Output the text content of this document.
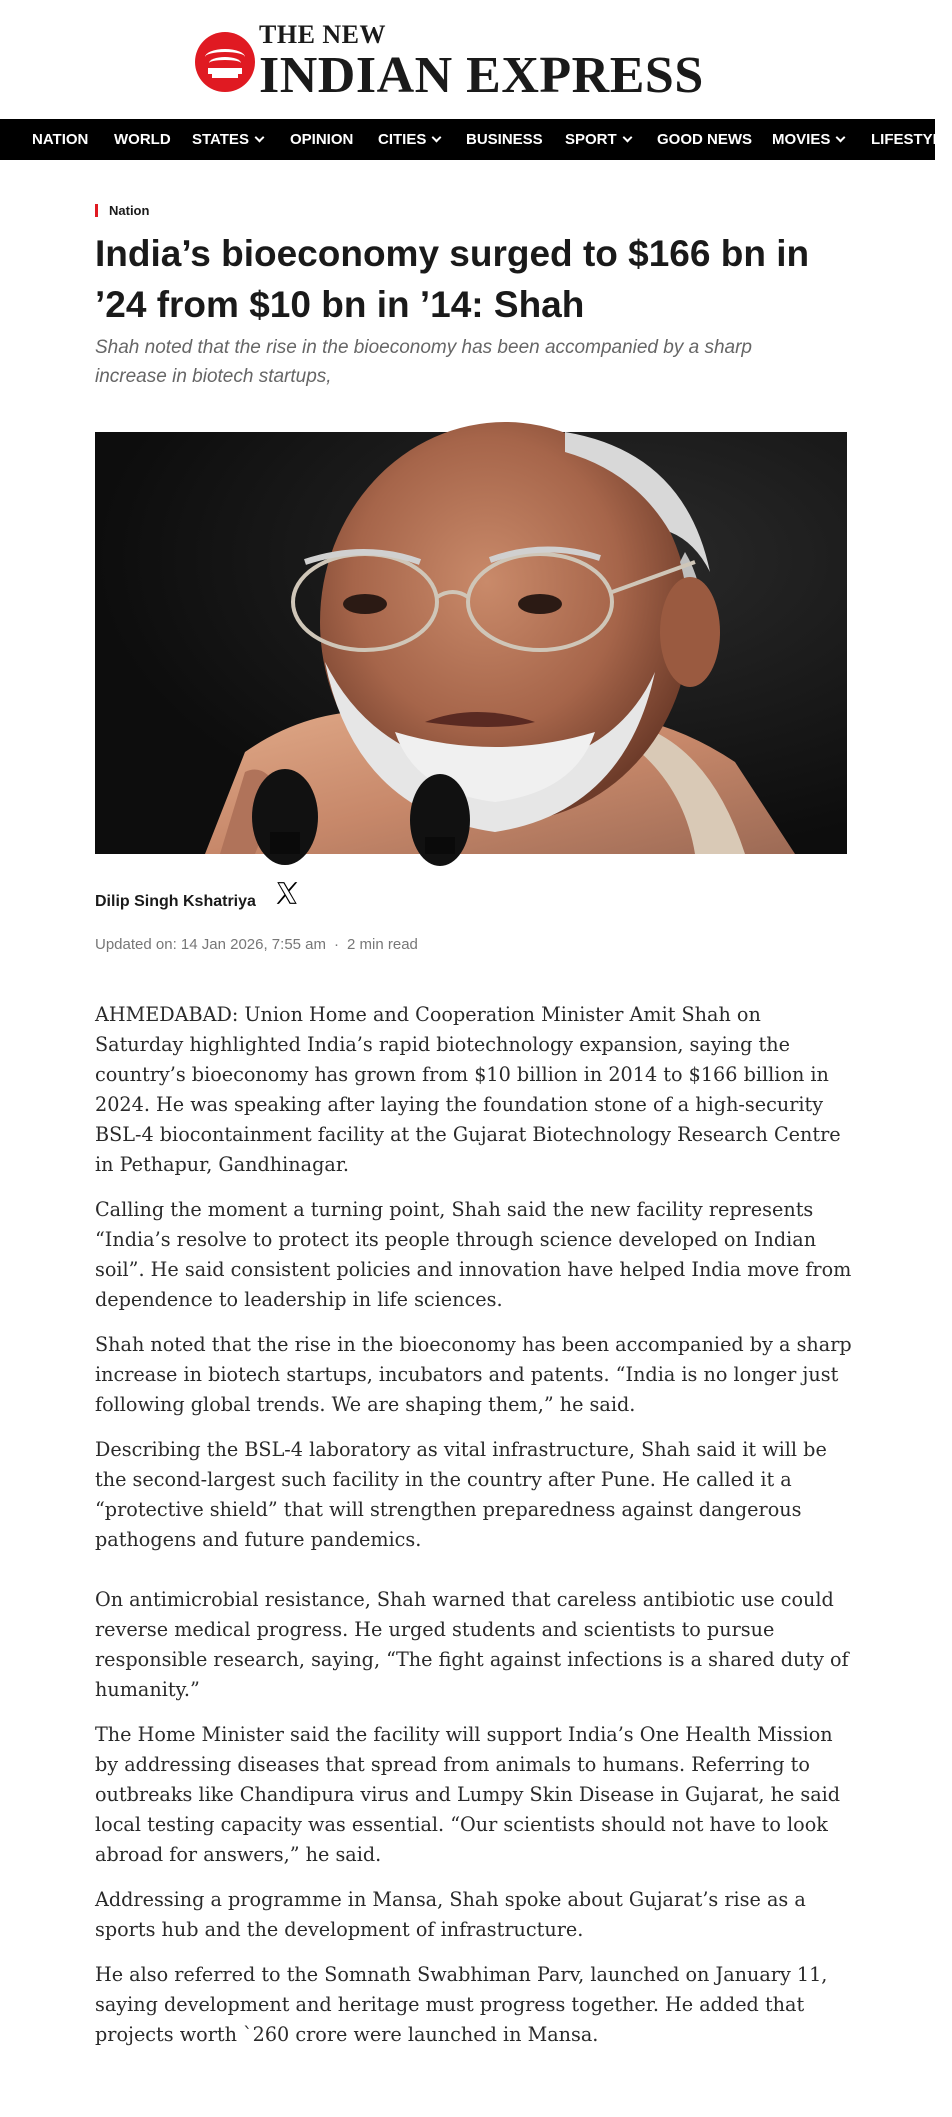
THE NEW
INDIAN EXPRESS
NATION WORLD STATES	OPINION CITIES	BUSINESS SPORT	GOOD NEWS MOVIES	LIFESTYLE
Nation
India’s bioeconomy surged to $166 bn in ’24 from $10 bn in ’14: Shah
Shah noted that the rise in the bioeconomy has been accompanied by a sharp increase in biotech startups,
Dilip Singh Kshatriya
Updated on: 14 Jan 2026, 7:55 am · 2 min read

AHMEDABAD: Union Home and Cooperation Minister Amit Shah on Saturday highlighted India’s rapid biotechnology expansion, saying the country’s bioeconomy has grown from $10 billion in 2014 to $166 billion in 2024. He was speaking after laying the foundation stone of a high-security BSL-4 biocontainment facility at the Gujarat Biotechnology Research Centre in Pethapur, Gandhinagar.

Calling the moment a turning point, Shah said the new facility represents “India’s resolve to protect its people through science developed on Indian soil”. He said consistent policies and innovation have helped India move from dependence to leadership in life sciences.

Shah noted that the rise in the bioeconomy has been accompanied by a sharp increase in biotech startups, incubators and patents. “India is no longer just following global trends. We are shaping them,” he said.

Describing the BSL-4 laboratory as vital infrastructure, Shah said it will be the second-largest such facility in the country after Pune. He called it a “protective shield” that will strengthen preparedness against dangerous pathogens and future pandemics.

On antimicrobial resistance, Shah warned that careless antibiotic use could reverse medical progress. He urged students and scientists to pursue responsible research, saying, “The fight against infections is a shared duty of humanity.”

The Home Minister said the facility will support India’s One Health Mission by addressing diseases that spread from animals to humans. Referring to outbreaks like Chandipura virus and Lumpy Skin Disease in Gujarat, he said local testing capacity was essential. “Our scientists should not have to look abroad for answers,” he said.

Addressing a programme in Mansa, Shah spoke about Gujarat’s rise as a sports hub and the development of infrastructure.

He also referred to the Somnath Swabhiman Parv, launched on January 11, saying development and heritage must progress together. He added that projects worth `260 crore were launched in Mansa.
